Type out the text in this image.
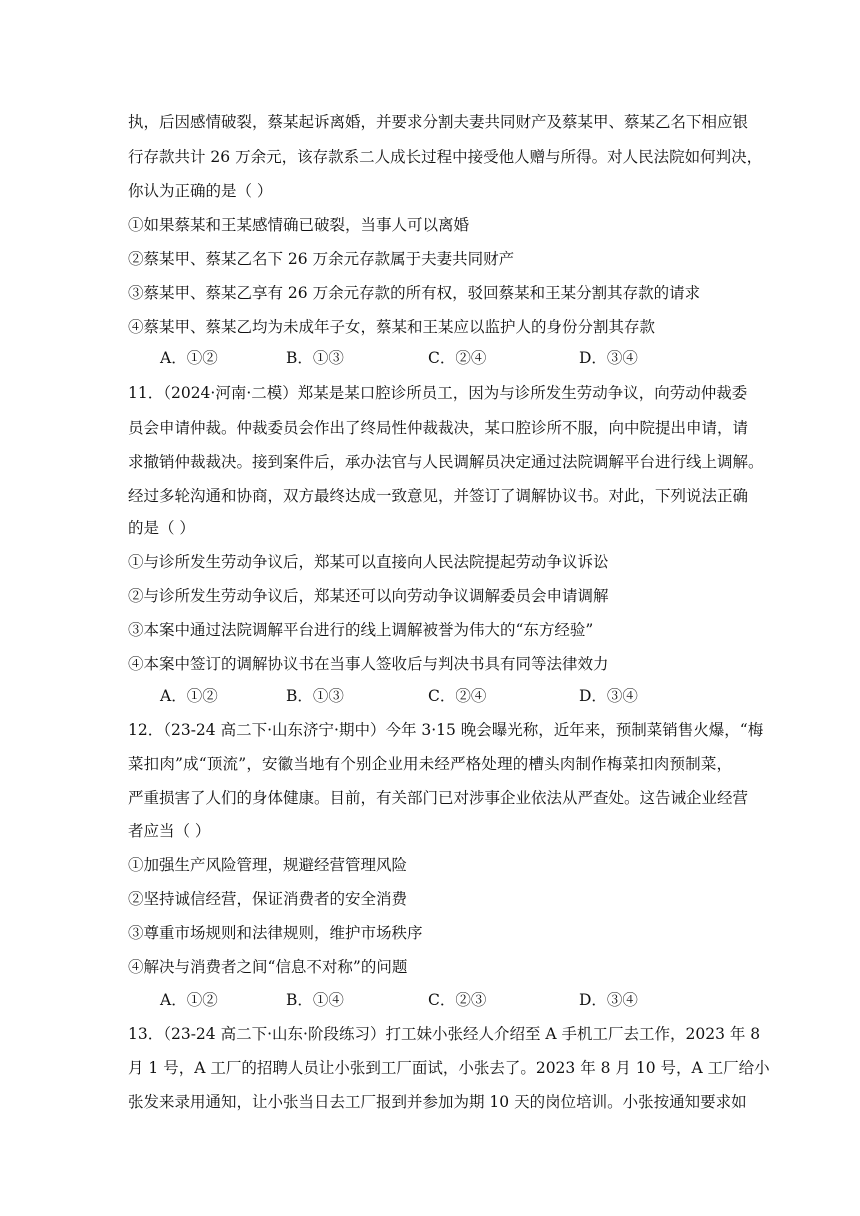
执，后因感情破裂，蔡某起诉离婚，并要求分割夫妻共同财产及蔡某甲、蔡某乙名下相应银
行存款共计 26 万余元，该存款系二人成长过程中接受他人赠与所得。对人民法院如何判决，
你认为正确的是（ ）
①如果蔡某和王某感情确已破裂，当事人可以离婚
②蔡某甲、蔡某乙名下 26 万余元存款属于夫妻共同财产
③蔡某甲、蔡某乙享有 26 万余元存款的所有权，驳回蔡某和王某分割其存款的请求
④蔡某甲、蔡某乙均为未成年子女，蔡某和王某应以监护人的身份分割其存款
A．①②	B．①③	C．②④	D．③④
11．（2024·河南·二模）郑某是某口腔诊所员工，因为与诊所发生劳动争议，向劳动仲裁委
员会申请仲裁。仲裁委员会作出了终局性仲裁裁决，某口腔诊所不服，向中院提出申请，请
求撤销仲裁裁决。接到案件后，承办法官与人民调解员决定通过法院调解平台进行线上调解。
经过多轮沟通和协商，双方最终达成一致意见，并签订了调解协议书。对此，下列说法正确
的是（ ）
①与诊所发生劳动争议后，郑某可以直接向人民法院提起劳动争议诉讼
②与诊所发生劳动争议后，郑某还可以向劳动争议调解委员会申请调解
③本案中通过法院调解平台进行的线上调解被誉为伟大的“东方经验”
④本案中签订的调解协议书在当事人签收后与判决书具有同等法律效力
A．①②	B．①③	C．②④	D．③④
12．（23-24 高二下·山东济宁·期中）今年 3·15 晚会曝光称，近年来，预制菜销售火爆，“梅
菜扣肉”成“顶流”，安徽当地有个别企业用未经严格处理的槽头肉制作梅菜扣肉预制菜，
严重损害了人们的身体健康。目前，有关部门已对涉事企业依法从严查处。这告诫企业经营
者应当（ ）
①加强生产风险管理，规避经营管理风险
②坚持诚信经营，保证消费者的安全消费
③尊重市场规则和法律规则，维护市场秩序
④解决与消费者之间“信息不对称”的问题
A．①②	B．①④	C．②③	D．③④
13．（23-24 高二下·山东·阶段练习）打工妹小张经人介绍至 A 手机工厂去工作，2023 年 8
月 1 号，A 工厂的招聘人员让小张到工厂面试，小张去了。2023 年 8 月 10 号，A 工厂给小
张发来录用通知，让小张当日去工厂报到并参加为期 10 天的岗位培训。小张按通知要求如
